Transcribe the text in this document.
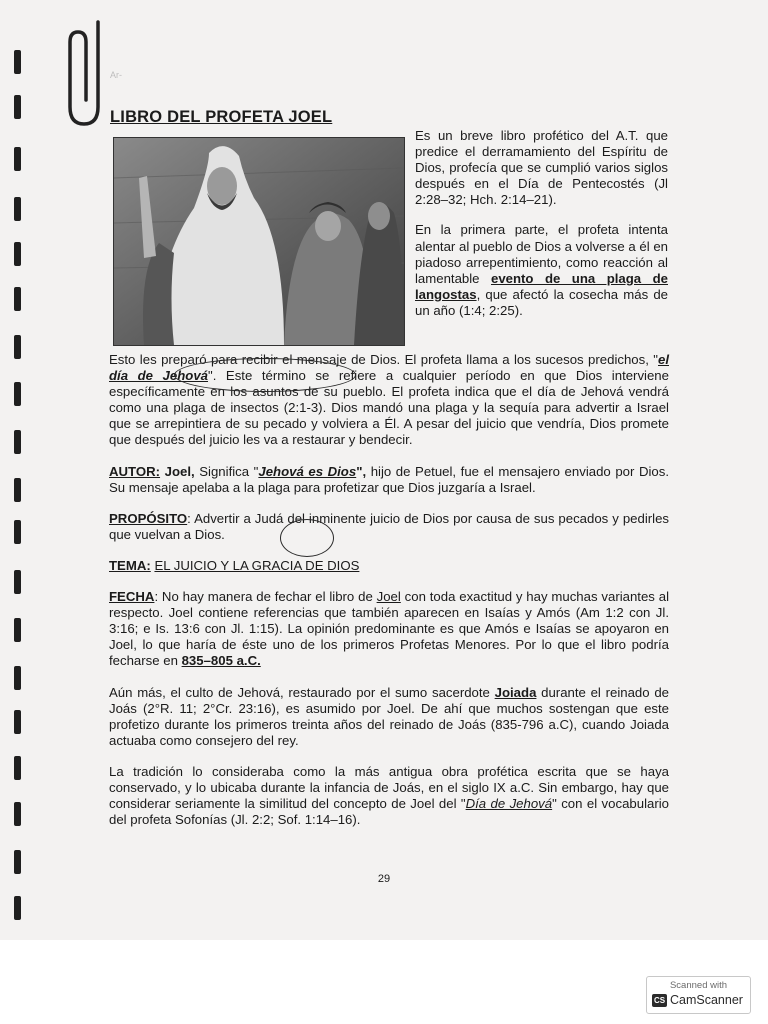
Ar-
LIBRO DEL PROFETA JOEL

Es un breve libro profético del A.T. que predice el derramamiento del Espíritu de Dios, profecía que se cumplió varios siglos después en el Día de Pentecostés (Jl 2:28–32; Hch. 2:14–21).

En la primera parte, el profeta intenta alentar al pueblo de Dios a volverse a él en piadoso arrepentimiento, como reacción al lamentable evento de una plaga de langostas, que afectó la cosecha más de un año (1:4; 2:25).

Esto les preparó para recibir el mensaje de Dios. El profeta llama a los sucesos predichos, "el día de Jehová". Este término se refiere a cualquier período en que Dios interviene específicamente en los asuntos de su pueblo. El profeta indica que el día de Jehová vendrá como una plaga de insectos (2:1-3). Dios mandó una plaga y la sequía para advertir a Israel que se arrepintiera de su pecado y volviera a Él. A pesar del juicio que vendría, Dios promete que después del juicio les va a restaurar y bendecir.

AUTOR: Joel, Significa "Jehová es Dios", hijo de Petuel, fue el mensajero enviado por Dios. Su mensaje apelaba a la plaga para profetizar que Dios juzgaría a Israel.

PROPÓSITO: Advertir a Judá del inminente juicio de Dios por causa de sus pecados y pedirles que vuelvan a Dios.

TEMA: EL JUICIO Y LA GRACIA DE DIOS

FECHA: No hay manera de fechar el libro de Joel con toda exactitud y hay muchas variantes al respecto. Joel contiene referencias que también aparecen en Isaías y Amós (Am 1:2 con Jl. 3:16; e Is. 13:6 con Jl. 1:15). La opinión predominante es que Amós e Isaías se apoyaron en Joel, lo que haría de éste uno de los primeros Profetas Menores. Por lo que el libro podría fecharse en 835–805 a.C.

Aún más, el culto de Jehová, restaurado por el sumo sacerdote Joiada durante el reinado de Joás (2°R. 11; 2°Cr. 23:16), es asumido por Joel. De ahí que muchos sostengan que este profetizo durante los primeros treinta años del reinado de Joás (835-796 a.C), cuando Joiada actuaba como consejero del rey.

La tradición lo consideraba como la más antigua obra profética escrita que se haya conservado, y lo ubicaba durante la infancia de Joás, en el siglo IX a.C. Sin embargo, hay que considerar seriamente la similitud del concepto de Joel del "Día de Jehová" con el vocabulario del profeta Sofonías (Jl. 2:2; Sof. 1:14–16).

29
Scanned with
CS CamScanner
